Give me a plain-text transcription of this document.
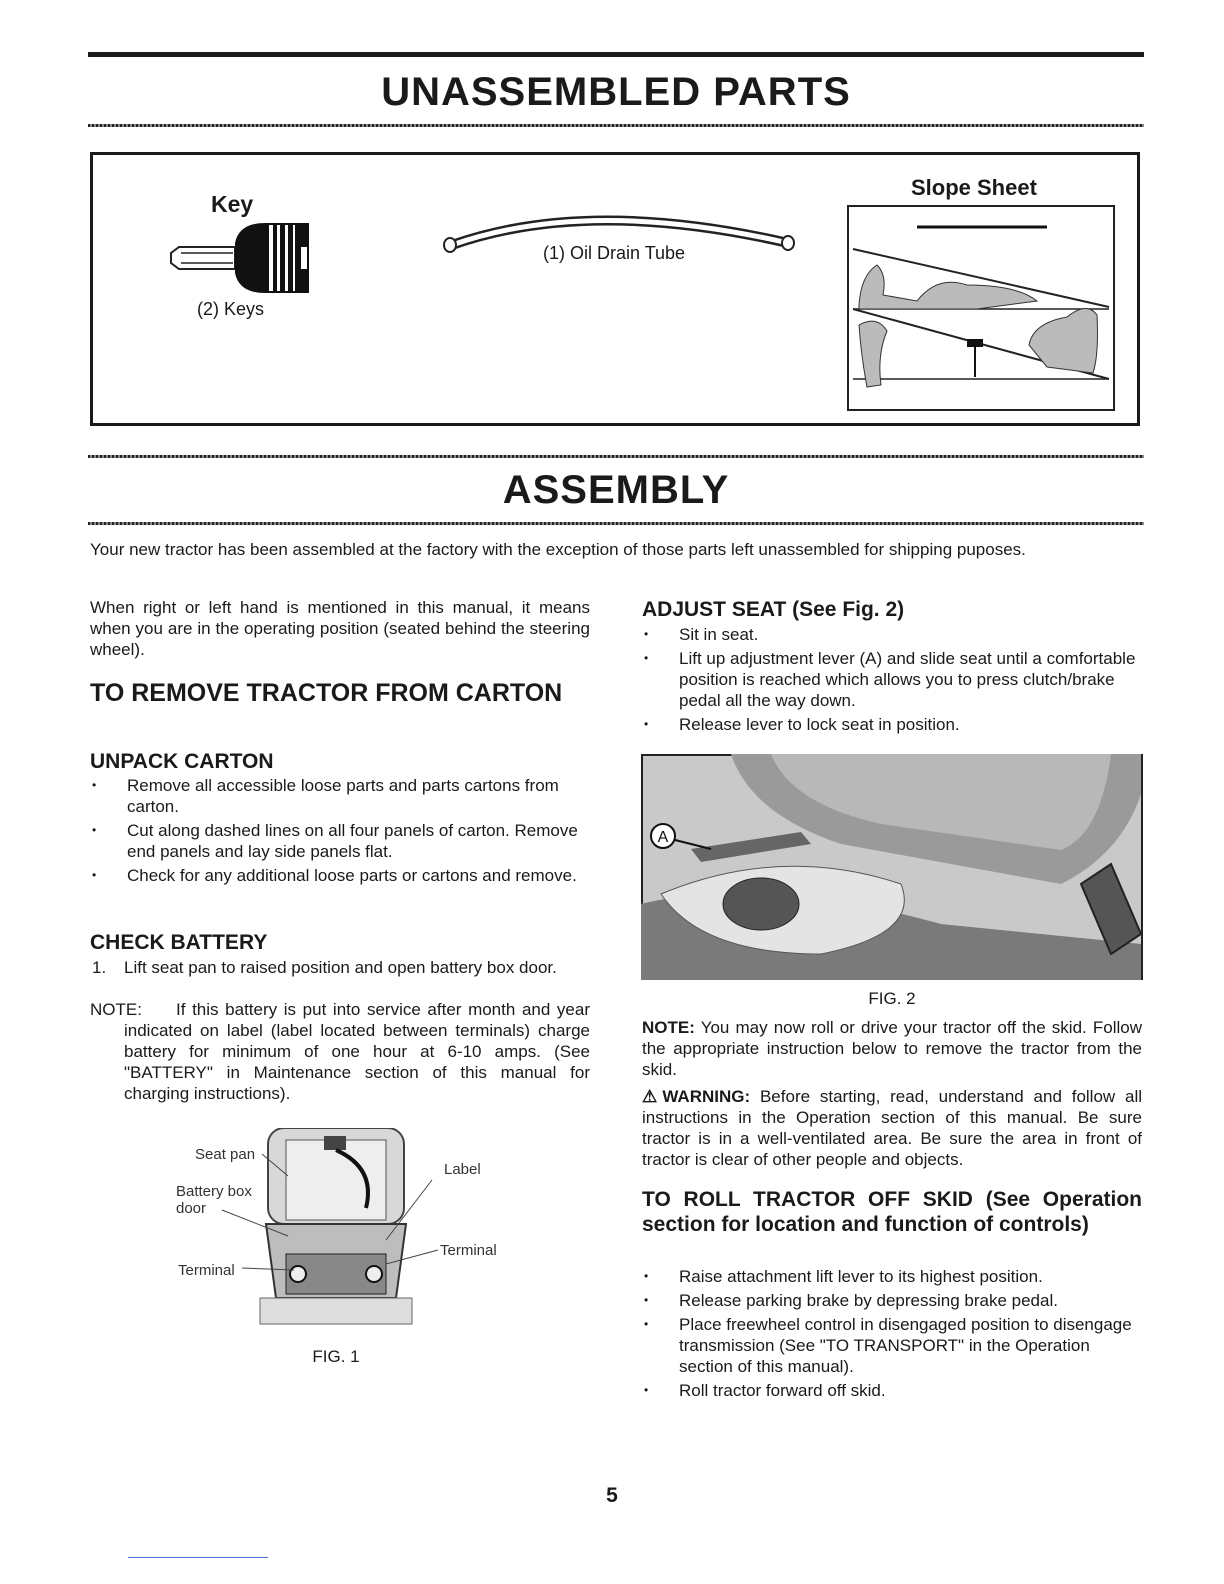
UNASSEMBLED PARTS
Key
(2) Keys
(1) Oil Drain Tube
Slope Sheet
ASSEMBLY
Your new tractor has been assembled at the factory with the exception of those parts left unassembled for shipping puposes.
When right or left hand is mentioned in this manual, it means when you are in the operating position (seated behind the steering wheel).
TO REMOVE TRACTOR FROM CARTON
UNPACK CARTON
• Remove all accessible loose parts and parts cartons from carton.
• Cut along dashed lines on all four panels of carton. Remove end panels and lay side panels flat.
• Check for any additional loose parts or cartons and remove.
CHECK BATTERY
1.	Lift seat pan to raised position and open battery box door.
NOTE:	If this battery is put into service after month and year indicated on label (label located between terminals) charge battery for minimum of one hour at 6-10 amps. (See "BATTERY" in Maintenance section of this manual for charging instructions).
Seat pan
Battery box
door
Label
Terminal
Terminal
FIG. 1
ADJUST SEAT (See Fig. 2)
• Sit in seat.
• Lift up adjustment lever (A) and slide seat until a comfortable position is reached which allows you to press clutch/brake pedal all the way down.
• Release lever to lock seat in position.
A
FIG. 2
NOTE: You may now roll or drive your tractor off the skid. Follow the appropriate instruction below to remove the tractor from the skid.
⚠WARNING: Before starting, read, understand and follow all instructions in the Operation section of this manual. Be sure tractor is in a well-ventilated area. Be sure the area in front of tractor is clear of other people and objects.
TO ROLL TRACTOR OFF SKID (See Operation section for location and function of controls)
• Raise attachment lift lever to its highest position.
• Release parking brake by depressing brake pedal.
• Place freewheel control in disengaged position to disengage transmission (See "TO TRANSPORT" in the Operation section of this manual).
• Roll tractor forward off skid.
5
